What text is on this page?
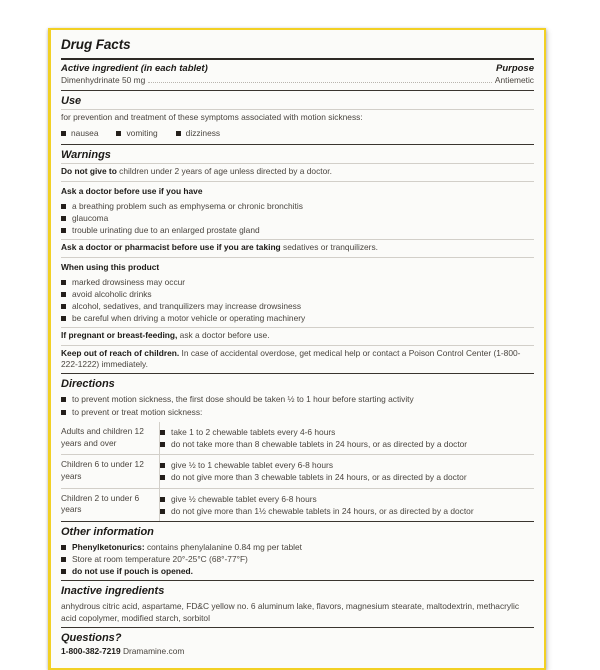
Drug Facts
Active ingredient (in each tablet)	Purpose
Dimenhydrinate 50 mg	Antiemetic
Use
for prevention and treatment of these symptoms associated with motion sickness:
nausea	vomiting	dizziness
Warnings
Do not give to children under 2 years of age unless directed by a doctor.
Ask a doctor before use if you have
a breathing problem such as emphysema or chronic bronchitis
glaucoma
trouble urinating due to an enlarged prostate gland
Ask a doctor or pharmacist before use if you are taking sedatives or tranquilizers.
When using this product
marked drowsiness may occur
avoid alcoholic drinks
alcohol, sedatives, and tranquilizers may increase drowsiness
be careful when driving a motor vehicle or operating machinery
If pregnant or breast-feeding, ask a doctor before use.
Keep out of reach of children. In case of accidental overdose, get medical help or contact a Poison Control Center (1-800-222-1222) immediately.
Directions
to prevent motion sickness, the first dose should be taken ½ to 1 hour before starting activity
to prevent or treat motion sickness:
Adults and children 12 years and over	
take 1 to 2 chewable tablets every 4-6 hours
do not take more than 8 chewable tablets in 24 hours, or as directed by a doctor

Children 6 to under 12 years	
give ½ to 1 chewable tablet every 6-8 hours
do not give more than 3 chewable tablets in 24 hours, or as directed by a doctor

Children 2 to under 6 years	
give ½ chewable tablet every 6-8 hours
do not give more than 1½ chewable tablets in 24 hours, or as directed by a doctor
Other information
Phenylketonurics: contains phenylalanine 0.84 mg per tablet
Store at room temperature 20°-25°C (68°-77°F)
do not use if pouch is opened.
Inactive ingredients
anhydrous citric acid, aspartame, FD&C yellow no. 6 aluminum lake, flavors, magnesium stearate, maltodextrin, methacrylic acid copolymer, modified starch, sorbitol
Questions?
1-800-382-7219 Dramamine.com
